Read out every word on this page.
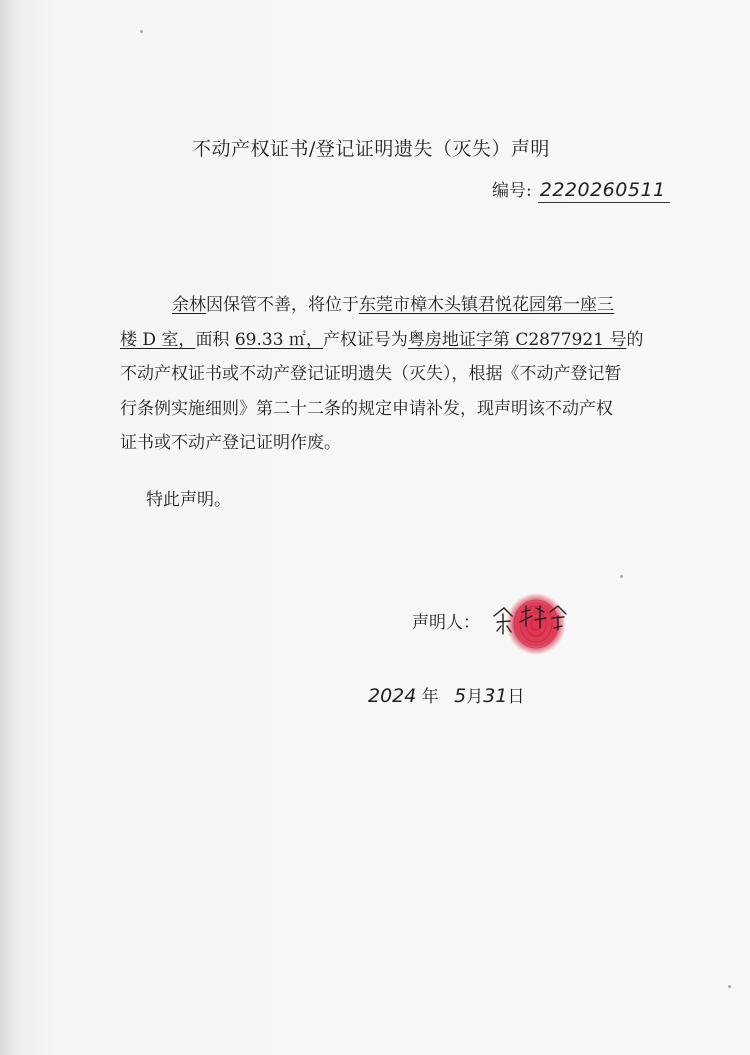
不动产权证书/登记证明遗失（灭失）声明
编号: 2220260511
余林因保管不善，将位于东莞市樟木头镇君悦花园第一座三
楼 D 室，面积 69.33 ㎡，产权证号为粤房地证字第 C2877921 号的
不动产权证书或不动产登记证明遗失（灭失），根据《不动产登记暂
行条例实施细则》第二十二条的规定申请补发，现声明该不动产权
证书或不动产登记证明作废。
特此声明。
声明人：
2024 年 5月31日
